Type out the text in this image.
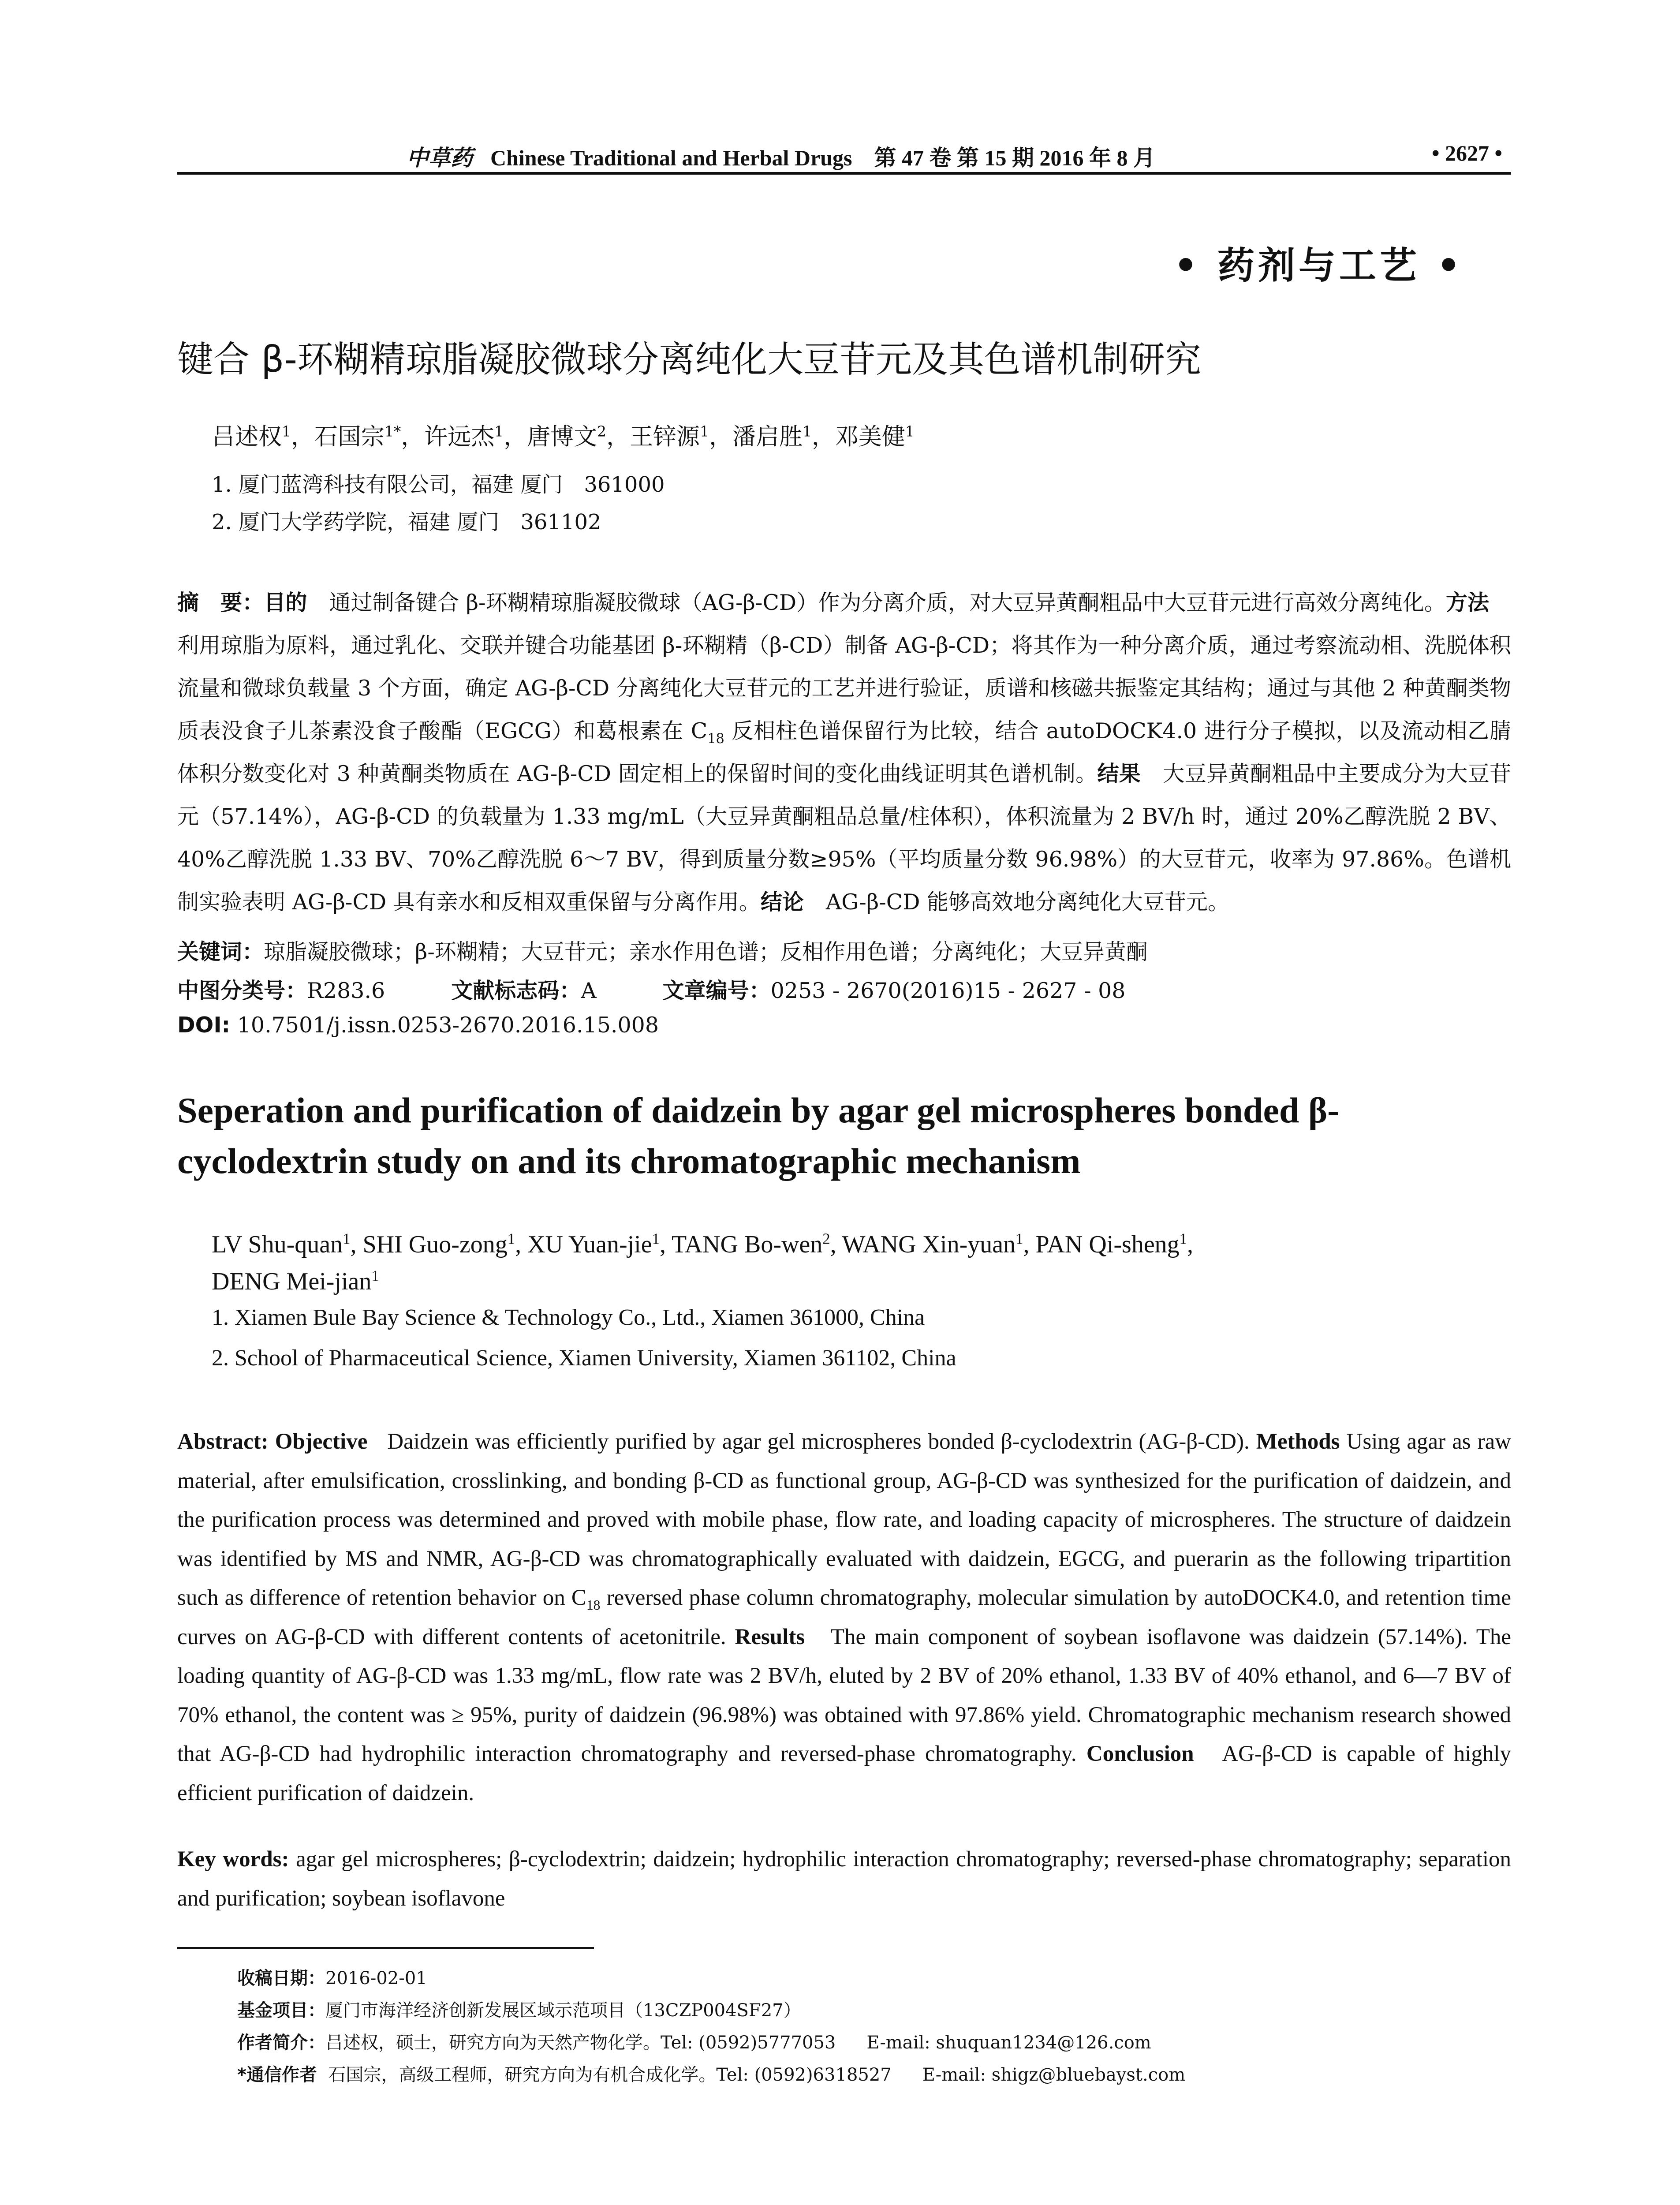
中草药 Chinese Traditional and Herbal Drugs 第 47 卷 第 15 期 2016 年 8 月	• 2627 •
• 药剂与工艺 •
键合 β-环糊精琼脂凝胶微球分离纯化大豆苷元及其色谱机制研究
吕述权$^1$，石国宗$^{1*}$，许远杰$^1$，唐博文$^2$，王锌源$^1$，潘启胜$^1$，邓美健$^1$
1. 厦门蓝湾科技有限公司，福建 厦门　361000
2. 厦门大学药学院，福建 厦门　361102
摘　要：目的 通过制备键合 β-环糊精琼脂凝胶微球（AG-β-CD）作为分离介质，对大豆异黄酮粗品中大豆苷元进行高效分离纯化。方法利用琼脂为原料，通过乳化、交联并键合功能基团 β-环糊精（β-CD）制备 AG-β-CD；将其作为一种分离介质，通过考察流动相、洗脱体积流量和微球负载量 3 个方面，确定 AG-β-CD 分离纯化大豆苷元的工艺并进行验证，质谱和核磁共振鉴定其结构；通过与其他 2 种黄酮类物质表没食子儿茶素没食子酸酯（EGCG）和葛根素在 $C_{18}$ 反相柱色谱保留行为比较，结合 autoDOCK4.0 进行分子模拟，以及流动相乙腈体积分数变化对 3 种黄酮类物质在 AG-β-CD 固定相上的保留时间的变化曲线证明其色谱机制。结果 大豆异黄酮粗品中主要成分为大豆苷元（57.14%），AG-β-CD 的负载量为 1.33 mg/mL（大豆异黄酮粗品总量/柱体积），体积流量为 2 BV/h 时，通过 20%乙醇洗脱 2 BV、40%乙醇洗脱 1.33 BV、70%乙醇洗脱 6～7 BV，得到质量分数≥95%（平均质量分数 96.98%）的大豆苷元，收率为 97.86%。色谱机制实验表明 AG-β-CD 具有亲水和反相双重保留与分离作用。结论 AG-β-CD 能够高效地分离纯化大豆苷元。
关键词：琼脂凝胶微球；β-环糊精；大豆苷元；亲水作用色谱；反相作用色谱；分离纯化；大豆异黄酮
中图分类号：R283.6	文献标志码：A	文章编号：0253 - 2670(2016)15 - 2627 - 08
DOI: 10.7501/j.issn.0253-2670.2016.15.008
Seperation and purification of daidzein by agar gel microspheres bonded β-cyclodextrin study on and its chromatographic mechanism
LV Shu-quan$^1$, SHI Guo-zong$^1$, XU Yuan-jie$^1$, TANG Bo-wen$^2$, WANG Xin-yuan$^1$, PAN Qi-sheng$^1$,
DENG Mei-jian$^1$
1. Xiamen Bule Bay Science & Technology Co., Ltd., Xiamen 361000, China
2. School of Pharmaceutical Science, Xiamen University, Xiamen 361102, China
Abstract: Objective Daidzein was efficiently purified by agar gel microspheres bonded β-cyclodextrin (AG-β-CD). Methods Using agar as raw material, after emulsification, crosslinking, and bonding β-CD as functional group, AG-β-CD was synthesized for the purification of daidzein, and the purification process was determined and proved with mobile phase, flow rate, and loading capacity of microspheres. The structure of daidzein was identified by MS and NMR, AG-β-CD was chromatographically evaluated with daidzein, EGCG, and puerarin as the following tripartition such as difference of retention behavior on $C_{18}$ reversed phase column chromatography, molecular simulation by autoDOCK4.0, and retention time curves on AG-β-CD with different contents of acetonitrile. Results The main component of soybean isoflavone was daidzein (57.14%). The loading quantity of AG-β-CD was 1.33 mg/mL, flow rate was 2 BV/h, eluted by 2 BV of 20% ethanol, 1.33 BV of 40% ethanol, and 6—7 BV of 70% ethanol, the content was ≥ 95%, purity of daidzein (96.98%) was obtained with 97.86% yield. Chromatographic mechanism research showed that AG-β-CD had hydrophilic interaction chromatography and reversed-phase chromatography. Conclusion AG-β-CD is capable of highly efficient purification of daidzein.
Key words: agar gel microspheres; β-cyclodextrin; daidzein; hydrophilic interaction chromatography; reversed-phase chromatography; separation and purification; soybean isoflavone
收稿日期：2016-02-01
基金项目：厦门市海洋经济创新发展区域示范项目（13CZP004SF27）
作者简介：吕述权，硕士，研究方向为天然产物化学。Tel: (0592)5777053 E-mail: shuquan1234@126.com
*通信作者 石国宗，高级工程师，研究方向为有机合成化学。Tel: (0592)6318527 E-mail: shigz@bluebayst.com
